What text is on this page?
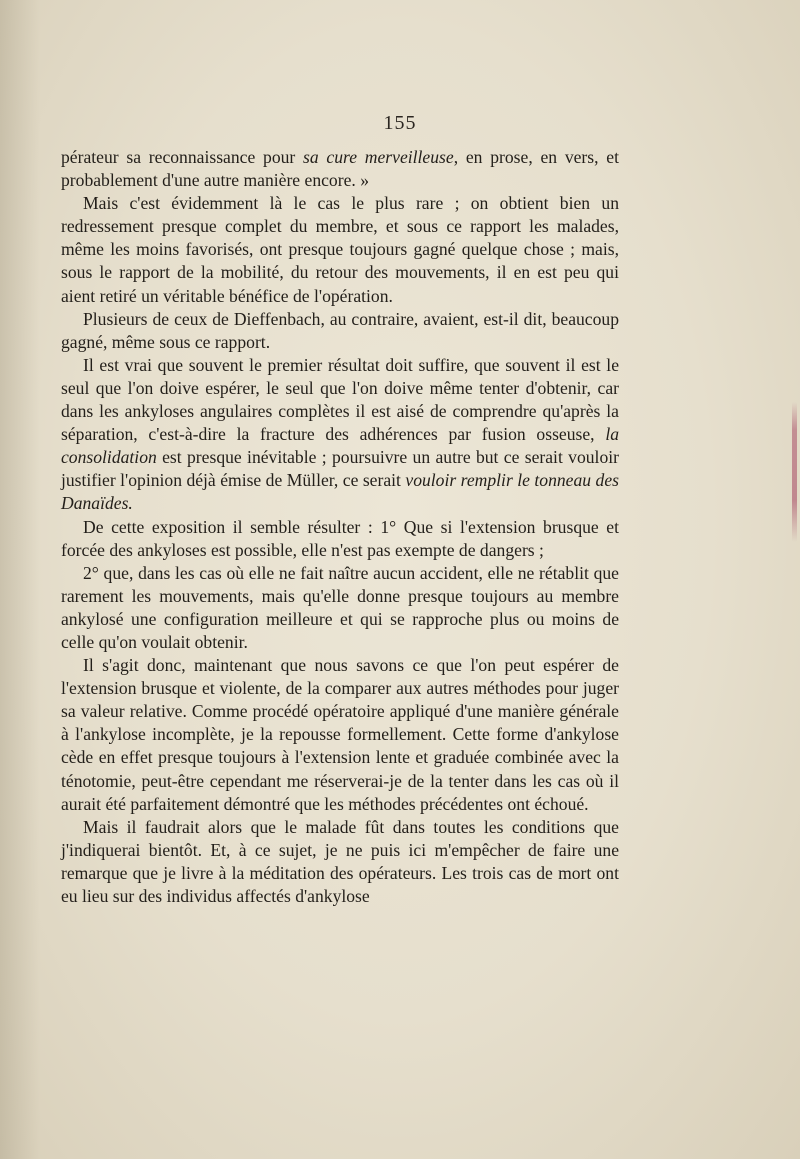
155

pérateur sa reconnaissance pour sa cure merveilleuse, en prose, en vers, et probablement d'une autre manière encore. »

Mais c'est évidemment là le cas le plus rare ; on obtient bien un redressement presque complet du membre, et sous ce rapport les malades, même les moins favorisés, ont presque toujours gagné quelque chose ; mais, sous le rapport de la mobilité, du retour des mouvements, il en est peu qui aient retiré un véritable bénéfice de l'opération.

Plusieurs de ceux de Dieffenbach, au contraire, avaient, est-il dit, beaucoup gagné, même sous ce rapport.

Il est vrai que souvent le premier résultat doit suffire, que souvent il est le seul que l'on doive espérer, le seul que l'on doive même tenter d'obtenir, car dans les ankyloses angulaires complètes il est aisé de comprendre qu'après la séparation, c'est-à-dire la fracture des adhérences par fusion osseuse, la consolidation est presque inévitable ; poursuivre un autre but ce serait vouloir justifier l'opinion déjà émise de Müller, ce serait vouloir remplir le tonneau des Danaïdes.

De cette exposition il semble résulter : 1° Que si l'extension brusque et forcée des ankyloses est possible, elle n'est pas exempte de dangers ;

2° que, dans les cas où elle ne fait naître aucun accident, elle ne rétablit que rarement les mouvements, mais qu'elle donne presque toujours au membre ankylosé une configuration meilleure et qui se rapproche plus ou moins de celle qu'on voulait obtenir.

Il s'agit donc, maintenant que nous savons ce que l'on peut espérer de l'extension brusque et violente, de la comparer aux autres méthodes pour juger sa valeur relative. Comme procédé opératoire appliqué d'une manière générale à l'ankylose incomplète, je la repousse formellement. Cette forme d'ankylose cède en effet presque toujours à l'extension lente et graduée combinée avec la ténotomie, peut-être cependant me réserverai-je de la tenter dans les cas où il aurait été parfaitement démontré que les méthodes précédentes ont échoué.

Mais il faudrait alors que le malade fût dans toutes les conditions que j'indiquerai bientôt. Et, à ce sujet, je ne puis ici m'empêcher de faire une remarque que je livre à la méditation des opérateurs. Les trois cas de mort ont eu lieu sur des individus affectés d'ankylose
